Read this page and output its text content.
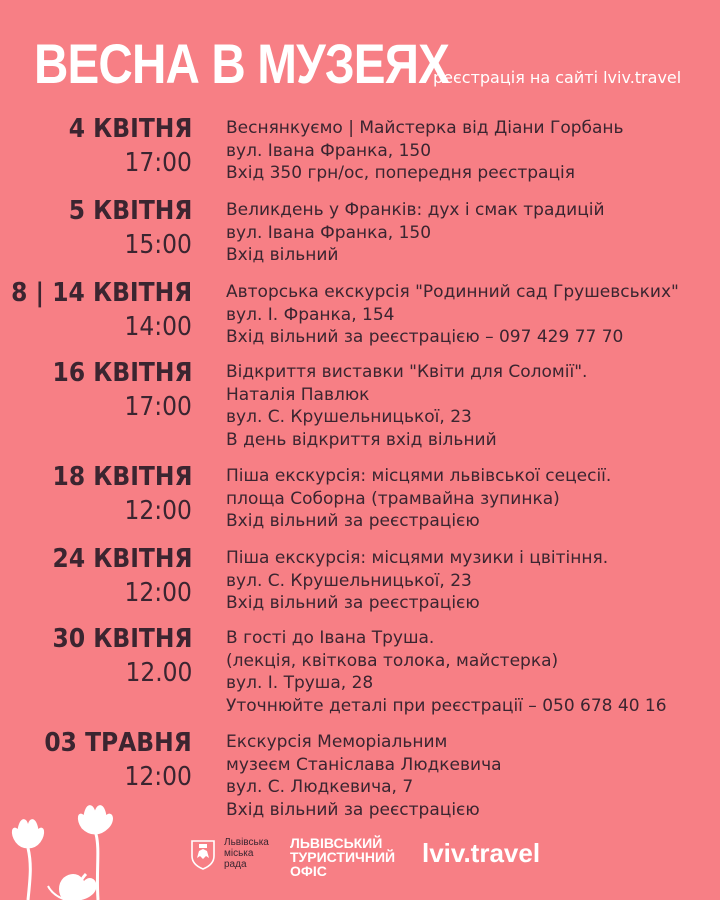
ВЕСНА В МУЗЕЯХ
реєстрація на сайті lviv.travel
4 КВІТНЯ
17:00
Веснянкуємо | Майстерка від Діани Горбань
вул. Івана Франка, 150
Вхід 350 грн/ос, попередня реєстрація
5 КВІТНЯ
15:00
Великдень у Франків: дух і смак традицій
вул. Івана Франка, 150
Вхід вільний
8 | 14 КВІТНЯ
14:00
Авторська екскурсія "Родинний сад Грушевських"
вул. І. Франка, 154
Вхід вільний за реєстрацією – 097 429 77 70
16 КВІТНЯ
17:00
Відкриття виставки "Квіти для Соломії".
Наталія Павлюк
вул. С. Крушельницької, 23
В день відкриття вхід вільний
18 КВІТНЯ
12:00
Піша екскурсія: місцями львівської сецесії.
площа Соборна (трамвайна зупинка)
Вхід вільний за реєстрацією
24 КВІТНЯ
12:00
Піша екскурсія: місцями музики і цвітіння.
вул. С. Крушельницької, 23
Вхід вільний за реєстрацією
30 КВІТНЯ
12.00
В гості до Івана Труша.
(лекція, квіткова толока, майстерка)
вул. І. Труша, 28
Уточнюйте деталі при реєстрації – 050 678 40 16
03 ТРАВНЯ
12:00
Екскурсія Меморіальним
музеєм Станіслава Людкевича
вул. С. Людкевича, 7
Вхід вільний за реєстрацією
Львівська
міська
рада
ЛЬВІВСЬКИЙ
ТУРИСТИЧНИЙ
ОФІС
lviv.travel
